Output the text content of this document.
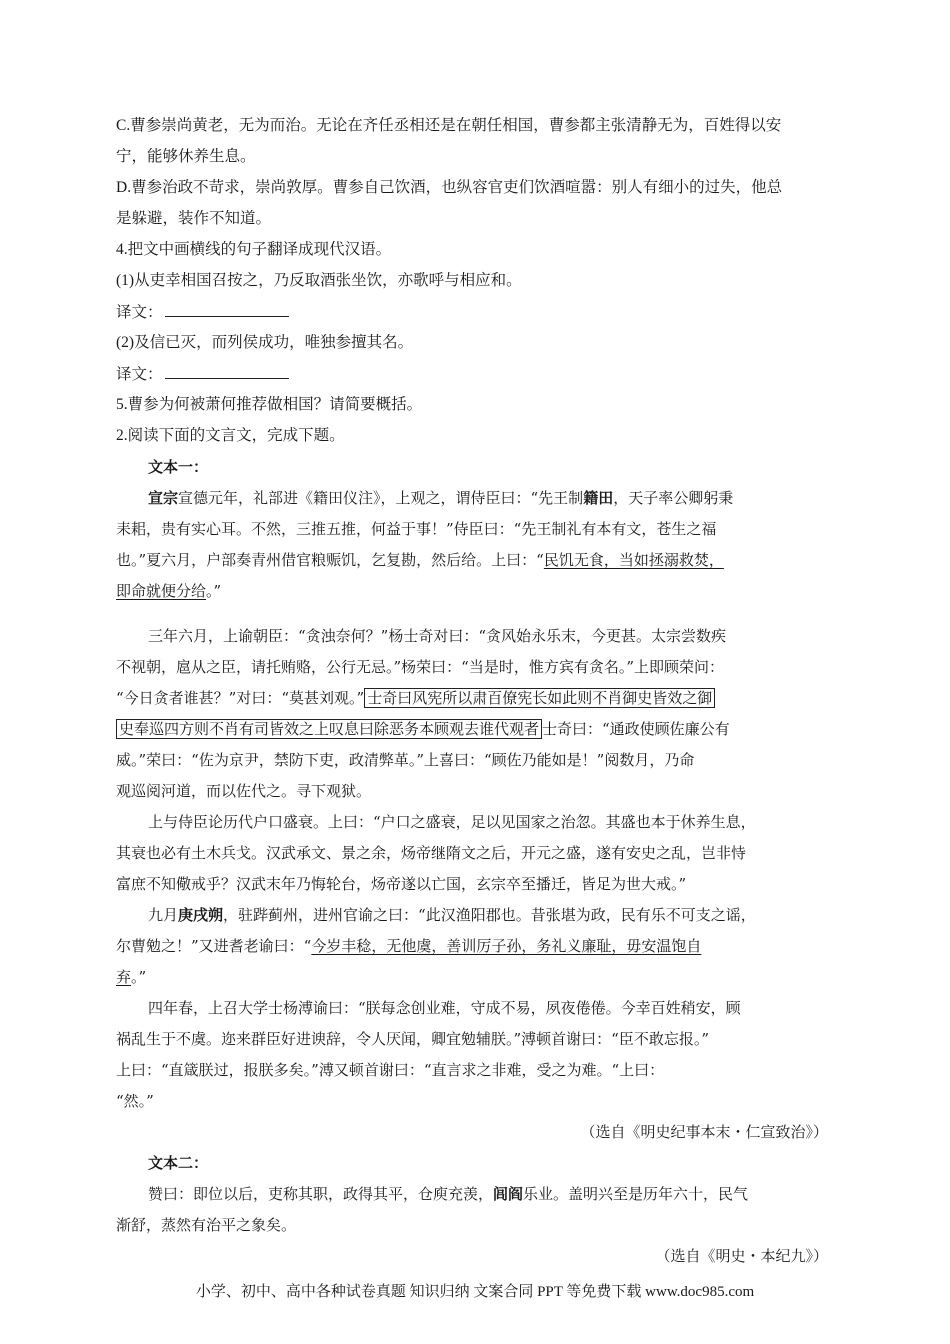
C.曹参崇尚黄老，无为而治。无论在齐任丞相还是在朝任相国，曹参都主张清静无为，百姓得以安
宁，能够休养生息。
D.曹参治政不苛求，崇尚敦厚。曹参自己饮酒，也纵容官吏们饮酒喧嚣：别人有细小的过失，他总
是躲避，装作不知道。
4.把文中画横线的句子翻译成现代汉语。
(1)从吏幸相国召按之，乃反取酒张坐饮，亦歌呼与相应和。
译文：
(2)及信已灭，而列侯成功，唯独参擅其名。
译文：
5.曹参为何被萧何推荐做相国？请简要概括。
2.阅读下面的文言文，完成下题。
文本一：
宣宗宣德元年，礼部进《籍田仪注》，上观之，谓侍臣曰：“先王制籍田，天子率公卿躬秉
耒耜，贵有实心耳。不然，三推五推，何益于事！”侍臣曰：“先王制礼有本有文，苍生之福
也。”夏六月，户部奏青州借官粮赈饥，乞复勘，然后给。上曰：“民饥无食，当如拯溺救焚，
即命就便分给。”
三年六月，上谕朝臣：“贪浊奈何？”杨士奇对曰：“贪风始永乐末，今更甚。太宗尝数疾
不视朝，扈从之臣，请托贿赂，公行无忌。”杨荣曰：“当是时，惟方宾有贪名。”上即顾荣问：
“今日贪者谁甚？”对曰：“莫甚刘观。” 士奇曰风宪所以肃百僚宪长如此则不肖御史皆效之御
史奉巡四方则不肖有司皆效之上叹息曰除恶务本顾观去谁代观者 士奇曰：“通政使顾佐廉公有
威。”荣曰：“佐为京尹，禁防下吏，政清弊革。”上喜曰：“顾佐乃能如是！”阅数月，乃命
观巡阅河道，而以佐代之。寻下观狱。
上与侍臣论历代户口盛衰。上曰：“户口之盛衰，足以见国家之治忽。其盛也本于休养生息，
其衰也必有土木兵戈。汉武承文、景之余，炀帝继隋文之后，开元之盛，遂有安史之乱，岂非恃
富庶不知儆戒乎？汉武末年乃悔轮台，炀帝遂以亡国，玄宗卒至播迁，皆足为世大戒。”
九月庚戌朔，驻跸蓟州，进州官谕之曰：“此汉渔阳郡也。昔张堪为政，民有乐不可支之谣，
尔曹勉之！”又进耆老谕曰：“今岁丰稔，无他虞，善训厉子孙，务礼义廉耻，毋安温饱自
弃。”
四年春，上召大学士杨溥谕曰：“朕每念创业难，守成不易，夙夜倦倦。今幸百姓稍安，顾
祸乱生于不虞。迩来群臣好进谀辞，令人厌闻，卿宜勉辅朕。”溥顿首谢曰：“臣不敢忘报。”
上曰：“直箴朕过，报朕多矣。”溥又顿首谢曰：“直言求之非难，受之为难。“上曰：
“然。”
（选自《明史纪事本末・仁宣致治》）
文本二：
赞曰：即位以后，吏称其职，政得其平，仓庾充羡，闾阎乐业。盖明兴至是历年六十，民气
渐舒，蒸然有治平之象矣。
（选自《明史・本纪九》）
小学、初中、高中各种试卷真题 知识归纳 文案合同 PPT 等免费下载 www.doc985.com
